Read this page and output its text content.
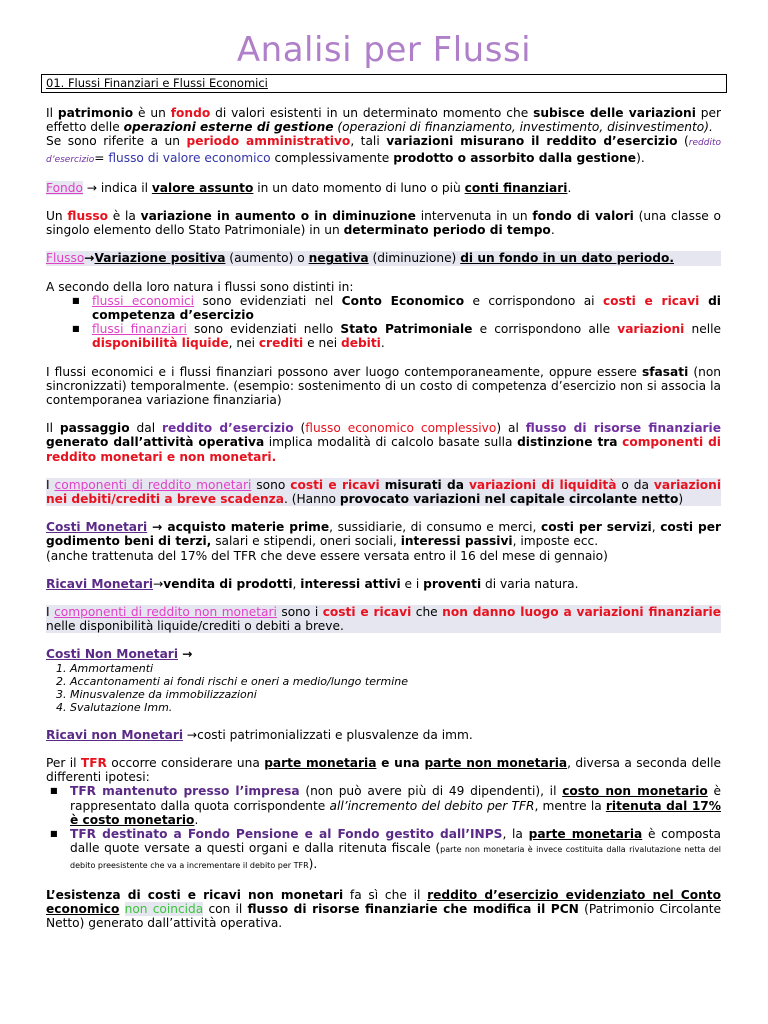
Analisi per Flussi
01. Flussi Finanziari e Flussi Economici

Il patrimonio è un fondo di valori esistenti in un determinato momento che subisce delle variazioni per effetto delle operazioni esterne di gestione (operazioni di finanziamento, investimento, disinvestimento).
Se sono riferite a un periodo amministrativo, tali variazioni misurano il reddito d’esercizio (reddito d’esercizio= flusso di valore economico complessivamente prodotto o assorbito dalla gestione).

Fondo → indica il valore assunto in un dato momento di luno o più conti finanziari.

Un flusso è la variazione in aumento o in diminuzione intervenuta in un fondo di valori (una classe o singolo elemento dello Stato Patrimoniale) in un determinato periodo di tempo.

Flusso→Variazione positiva (aumento) o negativa (diminuzione) di un fondo in un dato periodo.

A secondo della loro natura i flussi sono distinti in:

■ flussi economici sono evidenziati nel Conto Economico e corrispondono ai costi e ricavi di competenza d’esercizio
■ flussi finanziari sono evidenziati nello Stato Patrimoniale e corrispondono alle variazioni nelle disponibilità liquide, nei crediti e nei debiti.

I flussi economici e i flussi finanziari possono aver luogo contemporaneamente, oppure essere sfasati (non sincronizzati) temporalmente. (esempio: sostenimento di un costo di competenza d’esercizio non si associa la contemporanea variazione finanziaria)

Il passaggio dal reddito d’esercizio (flusso economico complessivo) al flusso di risorse finanziarie generato dall’attività operativa implica modalità di calcolo basate sulla distinzione tra componenti di reddito monetari e non monetari.

I componenti di reddito monetari sono costi e ricavi misurati da variazioni di liquidità o da variazioni nei debiti/crediti a breve scadenza. (Hanno provocato variazioni nel capitale circolante netto)

Costi Monetari → acquisto materie prime, sussidiarie, di consumo e merci, costi per servizi, costi per godimento beni di terzi, salari e stipendi, oneri sociali, interessi passivi, imposte ecc.
(anche trattenuta del 17% del TFR che deve essere versata entro il 16 del mese di gennaio)

Ricavi Monetari→vendita di prodotti, interessi attivi e i proventi di varia natura.

I componenti di reddito non monetari sono i costi e ricavi che non danno luogo a variazioni finanziarie nelle disponibilità liquide/crediti o debiti a breve.

Costi Non Monetari →

1. Ammortamenti
2. Accantonamenti ai fondi rischi e oneri a medio/lungo termine
3. Minusvalenze da immobilizzazioni
4. Svalutazione Imm.

Ricavi non Monetari →costi patrimonializzati e plusvalenze da imm.

Per il TFR occorre considerare una parte monetaria e una parte non monetaria, diversa a seconda delle differenti ipotesi:

■ TFR mantenuto presso l’impresa (non può avere più di 49 dipendenti), il costo non monetario è rappresentato dalla quota corrispondente all’incremento del debito per TFR, mentre la ritenuta dal 17% è costo monetario.
■ TFR destinato a Fondo Pensione e al Fondo gestito dall’INPS, la parte monetaria è composta dalle quote versate a questi organi e dalla ritenuta fiscale (parte non monetaria è invece costituita dalla rivalutazione netta del debito preesistente che va a incrementare il debito per TFR).

L’esistenza di costi e ricavi non monetari fa sì che il reddito d’esercizio evidenziato nel Conto economico non coincida con il flusso di risorse finanziarie che modifica il PCN (Patrimonio Circolante Netto) generato dall’attività operativa.
